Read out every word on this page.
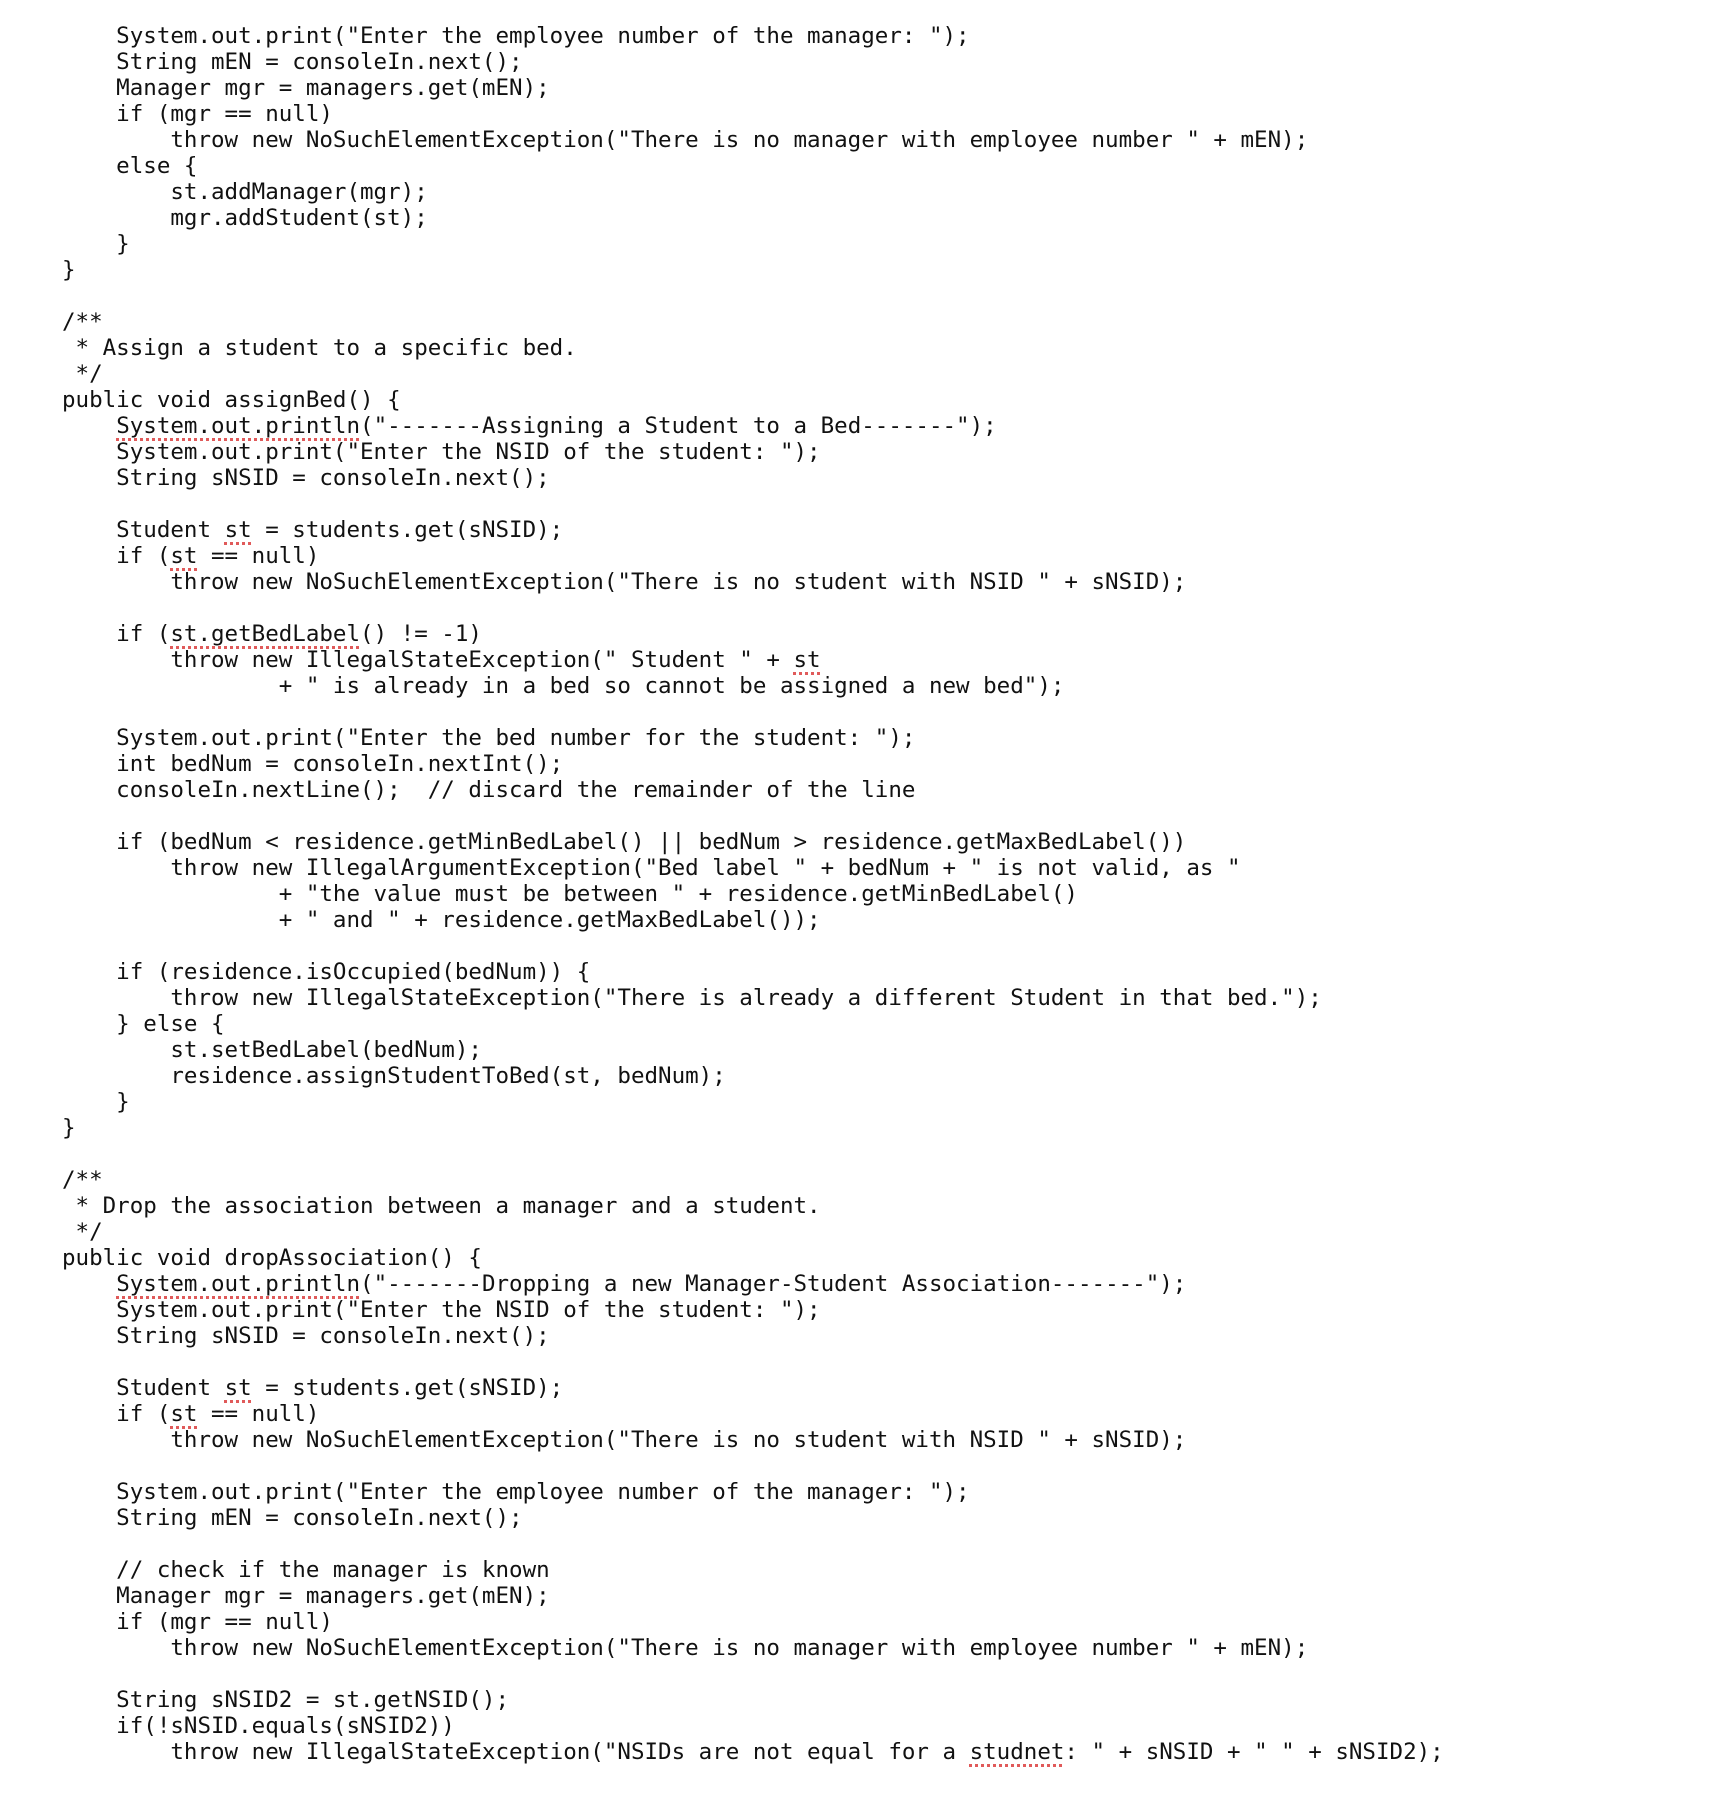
System.out.print("Enter the employee number of the manager: ");
String mEN = consoleIn.next();
Manager mgr = managers.get(mEN);
if (mgr == null)
throw new NoSuchElementException("There is no manager with employee number " + mEN);
else {
st.addManager(mgr);
mgr.addStudent(st);
}
}
/**
* Assign a student to a specific bed.
*/
public void assignBed() {
System.out.println("-------Assigning a Student to a Bed-------");
System.out.print("Enter the NSID of the student: ");
String sNSID = consoleIn.next();
Student st = students.get(sNSID);
if (st == null)
throw new NoSuchElementException("There is no student with NSID " + sNSID);
if (st.getBedLabel() != -1)
throw new IllegalStateException(" Student " + st
+ " is already in a bed so cannot be assigned a new bed");
System.out.print("Enter the bed number for the student: ");
int bedNum = consoleIn.nextInt();
consoleIn.nextLine();  // discard the remainder of the line
if (bedNum < residence.getMinBedLabel() || bedNum > residence.getMaxBedLabel())
throw new IllegalArgumentException("Bed label " + bedNum + " is not valid, as "
+ "the value must be between " + residence.getMinBedLabel()
+ " and " + residence.getMaxBedLabel());
if (residence.isOccupied(bedNum)) {
throw new IllegalStateException("There is already a different Student in that bed.");
} else {
st.setBedLabel(bedNum);
residence.assignStudentToBed(st, bedNum);
}
}
/**
* Drop the association between a manager and a student.
*/
public void dropAssociation() {
System.out.println("-------Dropping a new Manager-Student Association-------");
System.out.print("Enter the NSID of the student: ");
String sNSID = consoleIn.next();
Student st = students.get(sNSID);
if (st == null)
throw new NoSuchElementException("There is no student with NSID " + sNSID);
System.out.print("Enter the employee number of the manager: ");
String mEN = consoleIn.next();
// check if the manager is known
Manager mgr = managers.get(mEN);
if (mgr == null)
throw new NoSuchElementException("There is no manager with employee number " + mEN);
String sNSID2 = st.getNSID();
if(!sNSID.equals(sNSID2))
throw new IllegalStateException("NSIDs are not equal for a studnet: " + sNSID + " " + sNSID2);
